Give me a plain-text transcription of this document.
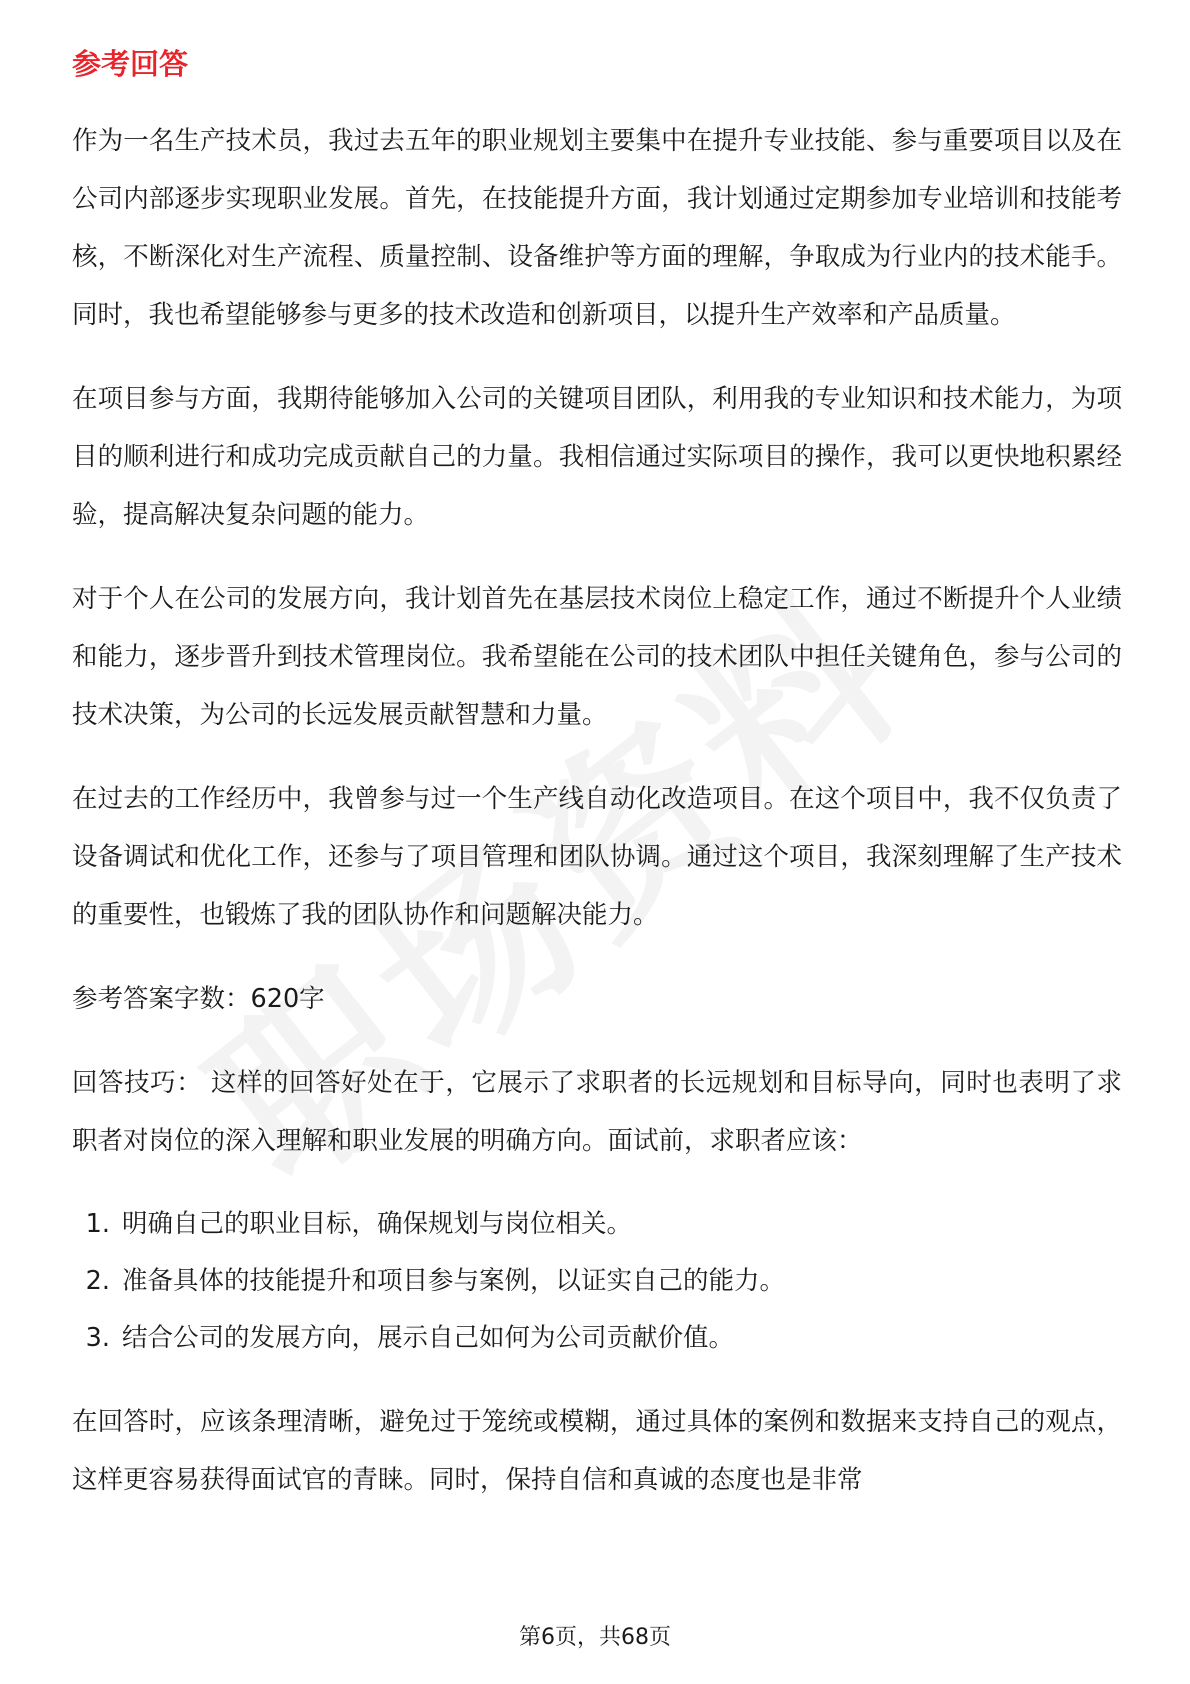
参考回答

作为一名生产技术员，我过去五年的职业规划主要集中在提升专业技能、参与重要项目以及在公司内部逐步实现职业发展。首先，在技能提升方面，我计划通过定期参加专业培训和技能考核，不断深化对生产流程、质量控制、设备维护等方面的理解，争取成为行业内的技术能手。同时，我也希望能够参与更多的技术改造和创新项目，以提升生产效率和产品质量。

在项目参与方面，我期待能够加入公司的关键项目团队，利用我的专业知识和技术能力，为项目的顺利进行和成功完成贡献自己的力量。我相信通过实际项目的操作，我可以更快地积累经验，提高解决复杂问题的能力。

对于个人在公司的发展方向，我计划首先在基层技术岗位上稳定工作，通过不断提升个人业绩和能力，逐步晋升到技术管理岗位。我希望能在公司的技术团队中担任关键角色，参与公司的技术决策，为公司的长远发展贡献智慧和力量。

在过去的工作经历中，我曾参与过一个生产线自动化改造项目。在这个项目中，我不仅负责了设备调试和优化工作，还参与了项目管理和团队协调。通过这个项目，我深刻理解了生产技术的重要性，也锻炼了我的团队协作和问题解决能力。

参考答案字数：620字

回答技巧： 这样的回答好处在于，它展示了求职者的长远规划和目标导向，同时也表明了求职者对岗位的深入理解和职业发展的明确方向。面试前，求职者应该：

1. 明确自己的职业目标，确保规划与岗位相关。
2. 准备具体的技能提升和项目参与案例，以证实自己的能力。
3. 结合公司的发展方向，展示自己如何为公司贡献价值。

在回答时，应该条理清晰，避免过于笼统或模糊，通过具体的案例和数据来支持自己的观点，这样更容易获得面试官的青睐。同时，保持自信和真诚的态度也是非常

第6页，共68页
